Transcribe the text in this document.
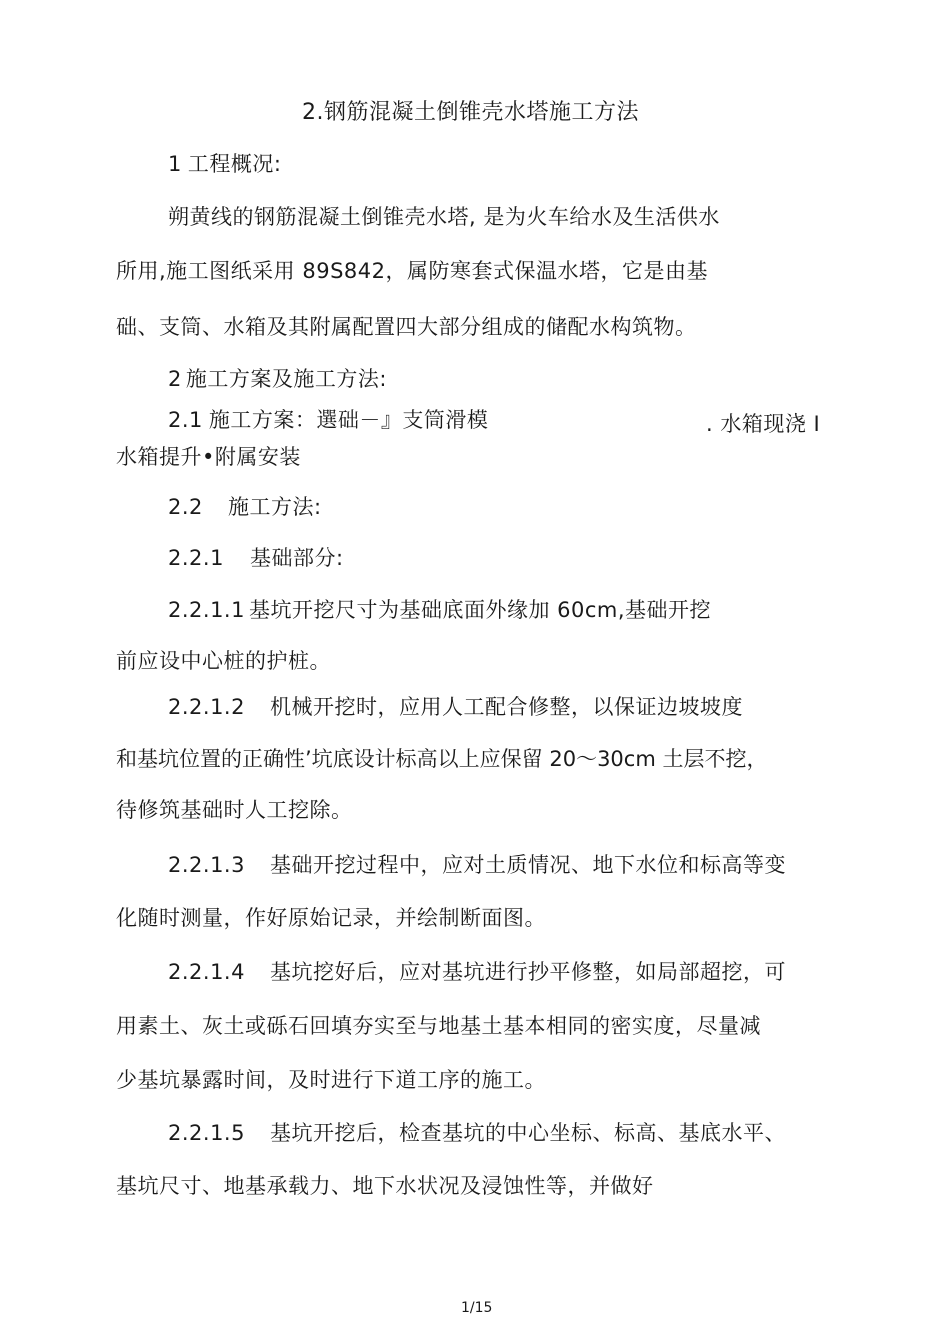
2.钢筋混凝土倒锥壳水塔施工方法
1 工程概况:
朔黄线的钢筋混凝土倒锥壳水塔, 是为火车给水及生活供水
所用,施工图纸采用 89S842，属防寒套式保温水塔，它是由基
础、支筒、水箱及其附属配置四大部分组成的储配水构筑物。
2 施工方案及施工方法:
2.1 施工方案：選础－』支筒滑模	. 水箱现浇 I
水箱提升•附属安装
2.2 施工方法:
2.2.1 基础部分:
2.2.1.1 基坑开挖尺寸为基础底面外缘加 60cm,基础开挖
前应设中心桩的护桩。
2.2.1.2 机械开挖时，应用人工配合修整，以保证边坡坡度
和基坑位置的正确性’坑底设计标高以上应保留 20～30cm 土层不挖，
待修筑基础时人工挖除。
2.2.1.3 基础开挖过程中，应对土质情况、地下水位和标高等变
化随时测量，作好原始记录，并绘制断面图。
2.2.1.4 基坑挖好后，应对基坑进行抄平修整，如局部超挖，可
用素土、灰土或砾石回填夯实至与地基土基本相同的密实度，尽量减
少基坑暴露时间，及时进行下道工序的施工。
2.2.1.5 基坑开挖后，检查基坑的中心坐标、标高、基底水平、
基坑尺寸、地基承载力、地下水状况及浸蚀性等，并做好
1/15
